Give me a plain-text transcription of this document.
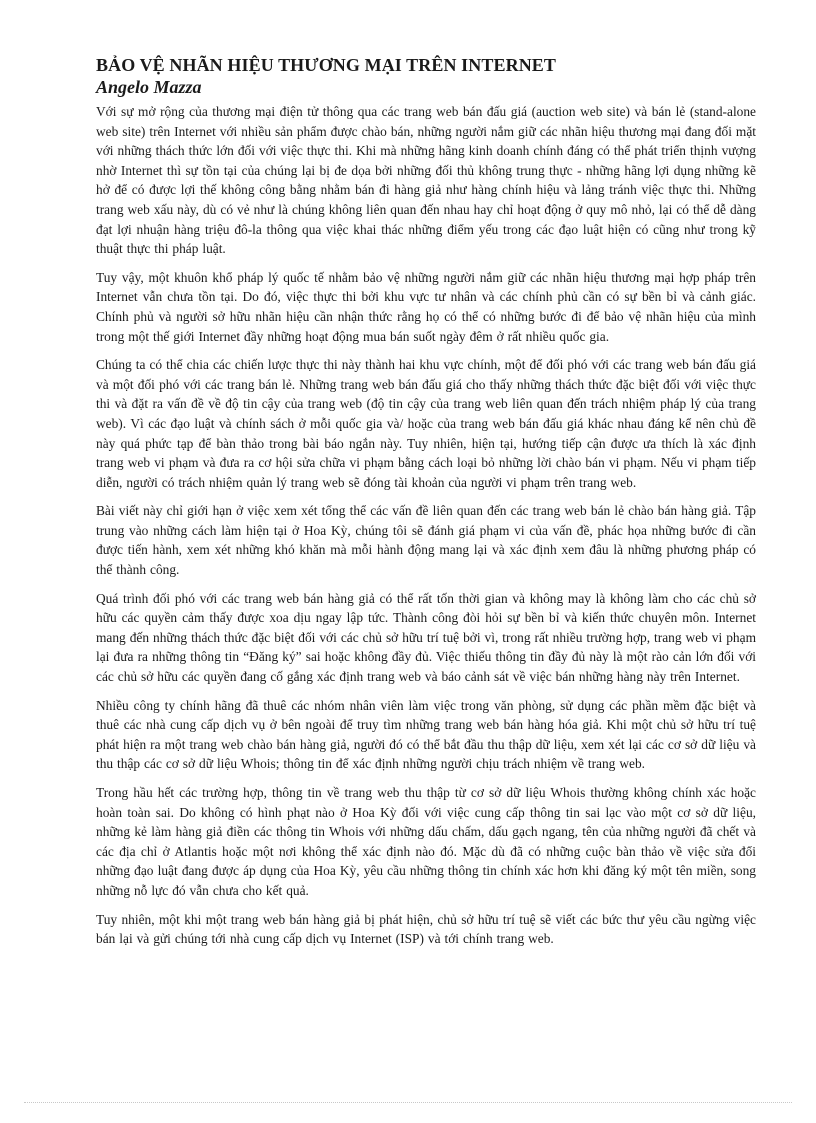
BẢO VỆ NHÃN HIỆU THƯƠNG MẠI TRÊN INTERNET
Angelo Mazza

Với sự mở rộng của thương mại điện tử thông qua các trang web bán đấu giá (auction web site) và bán lẻ (stand-alone web site) trên Internet với nhiều sản phẩm được chào bán, những người nắm giữ các nhãn hiệu thương mại đang đối mặt với những thách thức lớn đối với việc thực thi. Khi mà những hãng kinh doanh chính đáng có thể phát triển thịnh vượng nhờ Internet thì sự tồn tại của chúng lại bị đe dọa bởi những đối thủ không trung thực - những hãng lợi dụng những kẽ hở để có được lợi thế không công bằng nhằm bán đi hàng giả như hàng chính hiệu và lảng tránh việc thực thi. Những trang web xấu này, dù có vẻ như là chúng không liên quan đến nhau hay chỉ hoạt động ở quy mô nhỏ, lại có thể dễ dàng đạt lợi nhuận hàng triệu đô-la thông qua việc khai thác những điểm yếu trong các đạo luật hiện có cũng như trong kỹ thuật thực thi pháp luật.

Tuy vậy, một khuôn khổ pháp lý quốc tế nhằm bảo vệ những người nắm giữ các nhãn hiệu thương mại hợp pháp trên Internet vẫn chưa tồn tại. Do đó, việc thực thi bởi khu vực tư nhân và các chính phủ cần có sự bền bỉ và cảnh giác. Chính phủ và người sở hữu nhãn hiệu cần nhận thức rằng họ có thể có những bước đi để bảo vệ nhãn hiệu của mình trong một thế giới Internet đầy những hoạt động mua bán suốt ngày đêm ở rất nhiều quốc gia.

Chúng ta có thể chia các chiến lược thực thi này thành hai khu vực chính, một để đối phó với các trang web bán đấu giá và một đối phó với các trang bán lẻ. Những trang web bán đấu giá cho thấy những thách thức đặc biệt đối với việc thực thi và đặt ra vấn đề về độ tin cậy của trang web (độ tin cậy của trang web liên quan đến trách nhiệm pháp lý của trang web). Vì các đạo luật và chính sách ở mỗi quốc gia và/ hoặc của trang web bán đấu giá khác nhau đáng kể nên chủ đề này quá phức tạp để bàn thảo trong bài báo ngắn này. Tuy nhiên, hiện tại, hướng tiếp cận được ưa thích là xác định trang web vi phạm và đưa ra cơ hội sửa chữa vi phạm bằng cách loại bỏ những lời chào bán vi phạm. Nếu vi phạm tiếp diễn, người có trách nhiệm quản lý trang web sẽ đóng tài khoản của người vi phạm trên trang web.

Bài viết này chỉ giới hạn ở việc xem xét tổng thể các vấn đề liên quan đến các trang web bán lẻ chào bán hàng giả. Tập trung vào những cách làm hiện tại ở Hoa Kỳ, chúng tôi sẽ đánh giá phạm vi của vấn đề, phác họa những bước đi cần được tiến hành, xem xét những khó khăn mà mỗi hành động mang lại và xác định xem đâu là những phương pháp có thể thành công.

Quá trình đối phó với các trang web bán hàng giả có thể rất tốn thời gian và không may là không làm cho các chủ sở hữu các quyền cảm thấy được xoa dịu ngay lập tức. Thành công đòi hỏi sự bền bỉ và kiến thức chuyên môn. Internet mang đến những thách thức đặc biệt đối với các chủ sở hữu trí tuệ bởi vì, trong rất nhiều trường hợp, trang web vi phạm lại đưa ra những thông tin “Đăng ký” sai hoặc không đầy đủ. Việc thiếu thông tin đầy đủ này là một rào cản lớn đối với các chủ sở hữu các quyền đang cố gắng xác định trang web và báo cảnh sát về việc bán những hàng này trên Internet.

Nhiều công ty chính hãng đã thuê các nhóm nhân viên làm việc trong văn phòng, sử dụng các phần mềm đặc biệt và thuê các nhà cung cấp dịch vụ ở bên ngoài để truy tìm những trang web bán hàng hóa giả. Khi một chủ sở hữu trí tuệ phát hiện ra một trang web chào bán hàng giả, người đó có thể bắt đầu thu thập dữ liệu, xem xét lại các cơ sở dữ liệu và thu thập các cơ sở dữ liệu Whois; thông tin để xác định những người chịu trách nhiệm về trang web.

Trong hầu hết các trường hợp, thông tin về trang web thu thập từ cơ sở dữ liệu Whois thường không chính xác hoặc hoàn toàn sai. Do không có hình phạt nào ở Hoa Kỳ đối với việc cung cấp thông tin sai lạc vào một cơ sở dữ liệu, những kẻ làm hàng giả điền các thông tin Whois với những dấu chấm, dấu gạch ngang, tên của những người đã chết và các địa chỉ ở Atlantis hoặc một nơi không thể xác định nào đó. Mặc dù đã có những cuộc bàn thảo về việc sửa đổi những đạo luật đang được áp dụng của Hoa Kỳ, yêu cầu những thông tin chính xác hơn khi đăng ký một tên miền, song những nỗ lực đó vẫn chưa cho kết quả.

Tuy nhiên, một khi một trang web bán hàng giả bị phát hiện, chủ sở hữu trí tuệ sẽ viết các bức thư yêu cầu ngừng việc bán lại và gửi chúng tới nhà cung cấp dịch vụ Internet (ISP) và tới chính trang web.
